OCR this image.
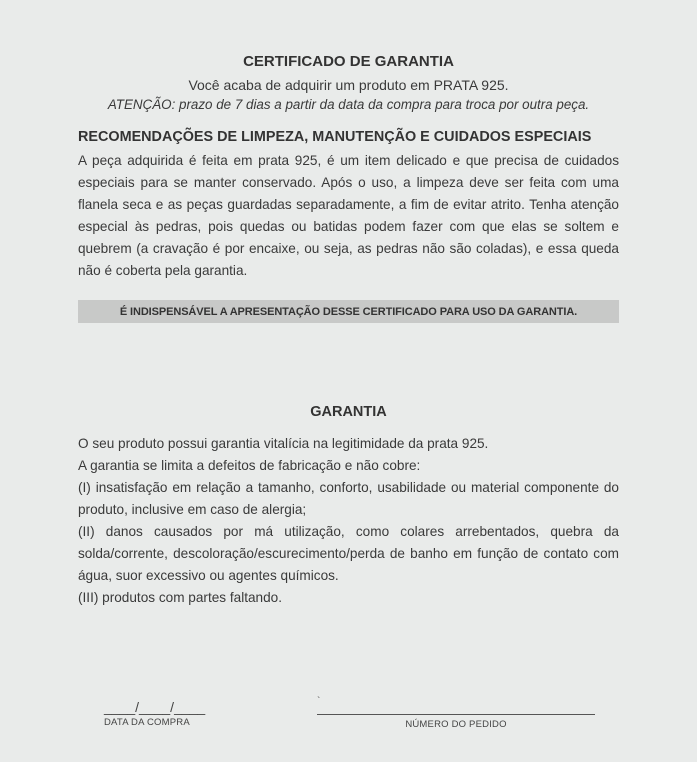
CERTIFICADO DE GARANTIA

Você acaba de adquirir um produto em PRATA 925.

ATENÇÃO: prazo de 7 dias a partir da data da compra para troca por outra peça.

RECOMENDAÇÕES DE LIMPEZA, MANUTENÇÃO E CUIDADOS ESPECIAIS

A peça adquirida é feita em prata 925, é um item delicado e que precisa de cuidados especiais para se manter conservado. Após o uso, a limpeza deve ser feita com uma flanela seca e as peças guardadas separadamente, a fim de evitar atrito. Tenha atenção especial às pedras, pois quedas ou batidas podem fazer com que elas se soltem e quebrem (a cravação é por encaixe, ou seja, as pedras não são coladas), e essa queda não é coberta pela garantia.

É INDISPENSÁVEL A APRESENTAÇÃO DESSE CERTIFICADO PARA USO DA GARANTIA.

GARANTIA

O seu produto possui garantia vitalícia na legitimidade da prata 925.

A garantia se limita a defeitos de fabricação e não cobre:

(I) insatisfação em relação a tamanho, conforto, usabilidade ou material componente do produto, inclusive em caso de alergia;

(II) danos causados por má utilização, como colares arrebentados, quebra da solda/corrente, descoloração/escurecimento/perda de banho em função de contato com água, suor excessivo ou agentes químicos.

(III) produtos com partes faltando.

____/____/____
DATA DA COMPRA
`
NÚMERO DO PEDIDO
